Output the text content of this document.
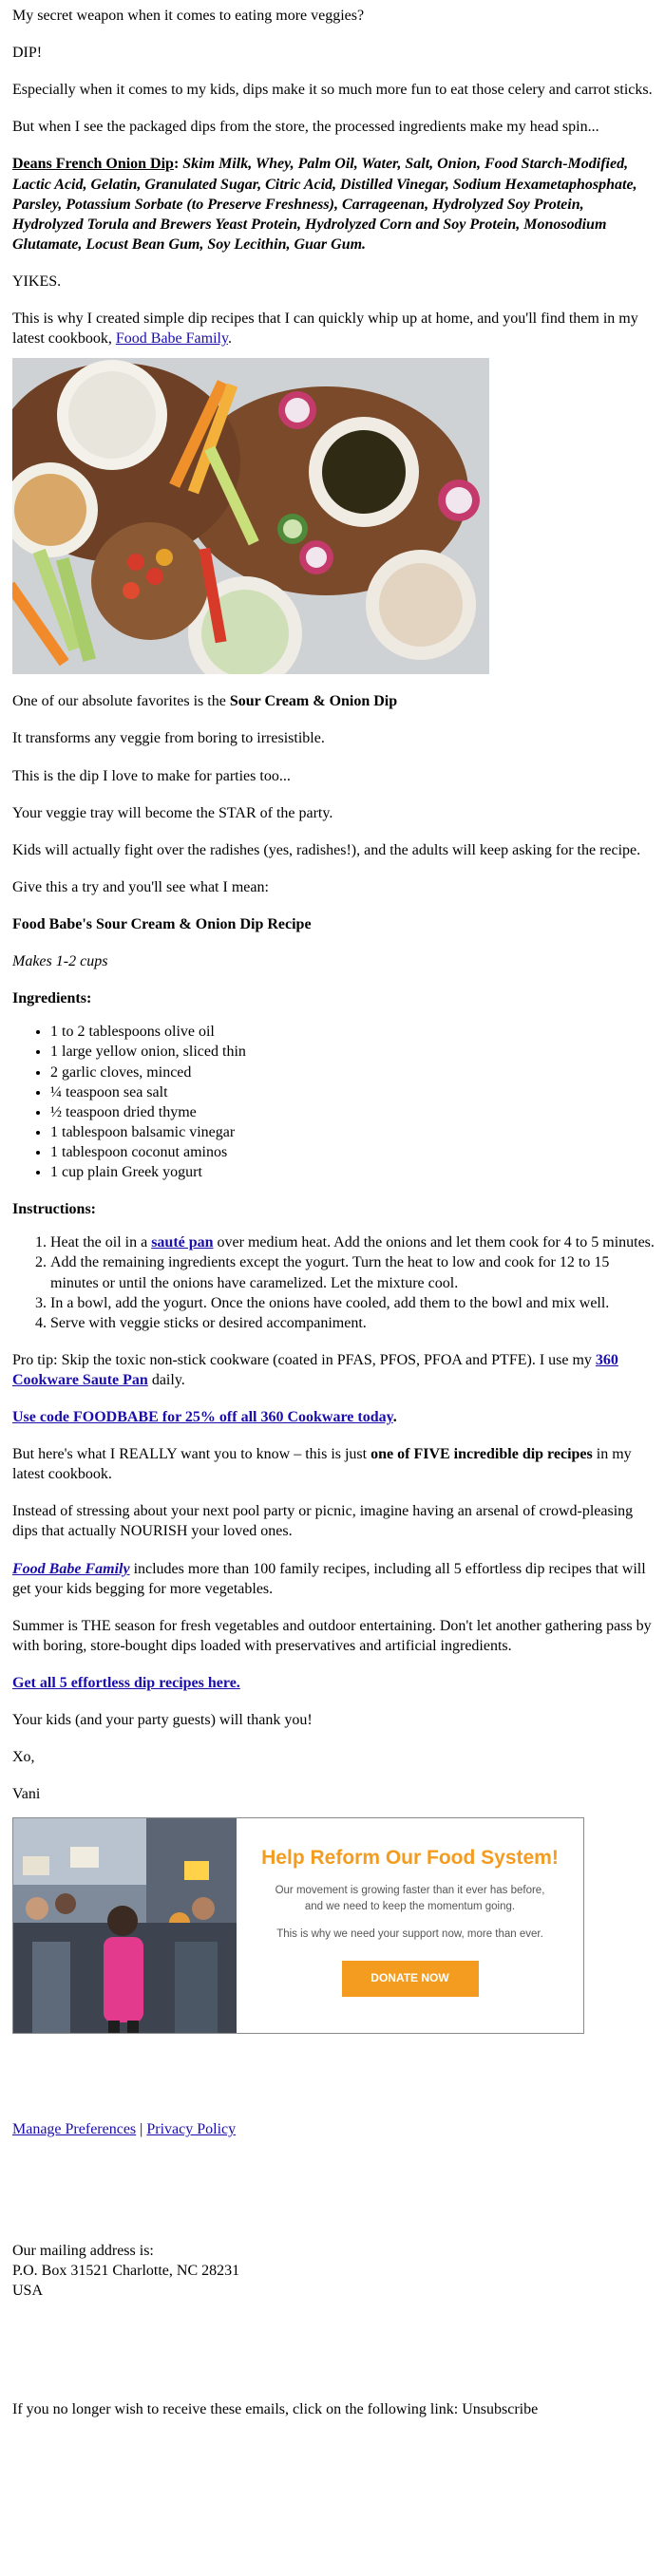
My secret weapon when it comes to eating more veggies?

DIP!

Especially when it comes to my kids, dips make it so much more fun to eat those celery and carrot sticks.

But when I see the packaged dips from the store, the processed ingredients make my head spin...

Deans French Onion Dip: Skim Milk, Whey, Palm Oil, Water, Salt, Onion, Food Starch-Modified, Lactic Acid, Gelatin, Granulated Sugar, Citric Acid, Distilled Vinegar, Sodium Hexametaphosphate, Parsley, Potassium Sorbate (to Preserve Freshness), Carrageenan, Hydrolyzed Soy Protein, Hydrolyzed Torula and Brewers Yeast Protein, Hydrolyzed Corn and Soy Protein, Monosodium Glutamate, Locust Bean Gum, Soy Lecithin, Guar Gum.

YIKES.

This is why I created simple dip recipes that I can quickly whip up at home, and you'll find them in my latest cookbook, Food Babe Family.

One of our absolute favorites is the Sour Cream & Onion Dip

It transforms any veggie from boring to irresistible.

This is the dip I love to make for parties too...

Your veggie tray will become the STAR of the party.

Kids will actually fight over the radishes (yes, radishes!), and the adults will keep asking for the recipe.

Give this a try and you'll see what I mean:

Food Babe's Sour Cream & Onion Dip Recipe

Makes 1-2 cups

Ingredients:

• 1 to 2 tablespoons olive oil
• 1 large yellow onion, sliced thin
• 2 garlic cloves, minced
• ¼ teaspoon sea salt
• ½ teaspoon dried thyme
• 1 tablespoon balsamic vinegar
• 1 tablespoon coconut aminos
• 1 cup plain Greek yogurt

Instructions:

1. Heat the oil in a sauté pan over medium heat. Add the onions and let them cook for 4 to 5 minutes.
2. Add the remaining ingredients except the yogurt. Turn the heat to low and cook for 12 to 15 minutes or until the onions have caramelized. Let the mixture cool.
3. In a bowl, add the yogurt. Once the onions have cooled, add them to the bowl and mix well.
4. Serve with veggie sticks or desired accompaniment.

Pro tip: Skip the toxic non-stick cookware (coated in PFAS, PFOS, PFOA and PTFE). I use my 360 Cookware Saute Pan daily.

Use code FOODBABE for 25% off all 360 Cookware today.

But here's what I REALLY want you to know – this is just one of FIVE incredible dip recipes in my latest cookbook.

Instead of stressing about your next pool party or picnic, imagine having an arsenal of crowd-pleasing dips that actually NOURISH your loved ones.

Food Babe Family includes more than 100 family recipes, including all 5 effortless dip recipes that will get your kids begging for more vegetables.

Summer is THE season for fresh vegetables and outdoor entertaining. Don't let another gathering pass by with boring, store-bought dips loaded with preservatives and artificial ingredients.

Get all 5 effortless dip recipes here.

Your kids (and your party guests) will thank you!

Xo,

Vani

Help Reform Our Food System!
Our movement is growing faster than it ever has before, and we need to keep the momentum going.
This is why we need your support now, more than ever.
DONATE NOW

Manage Preferences | Privacy Policy

Our mailing address is:

P.O. Box 31521 Charlotte, NC 28231

USA

If you no longer wish to receive these emails, click on the following link: Unsubscribe
